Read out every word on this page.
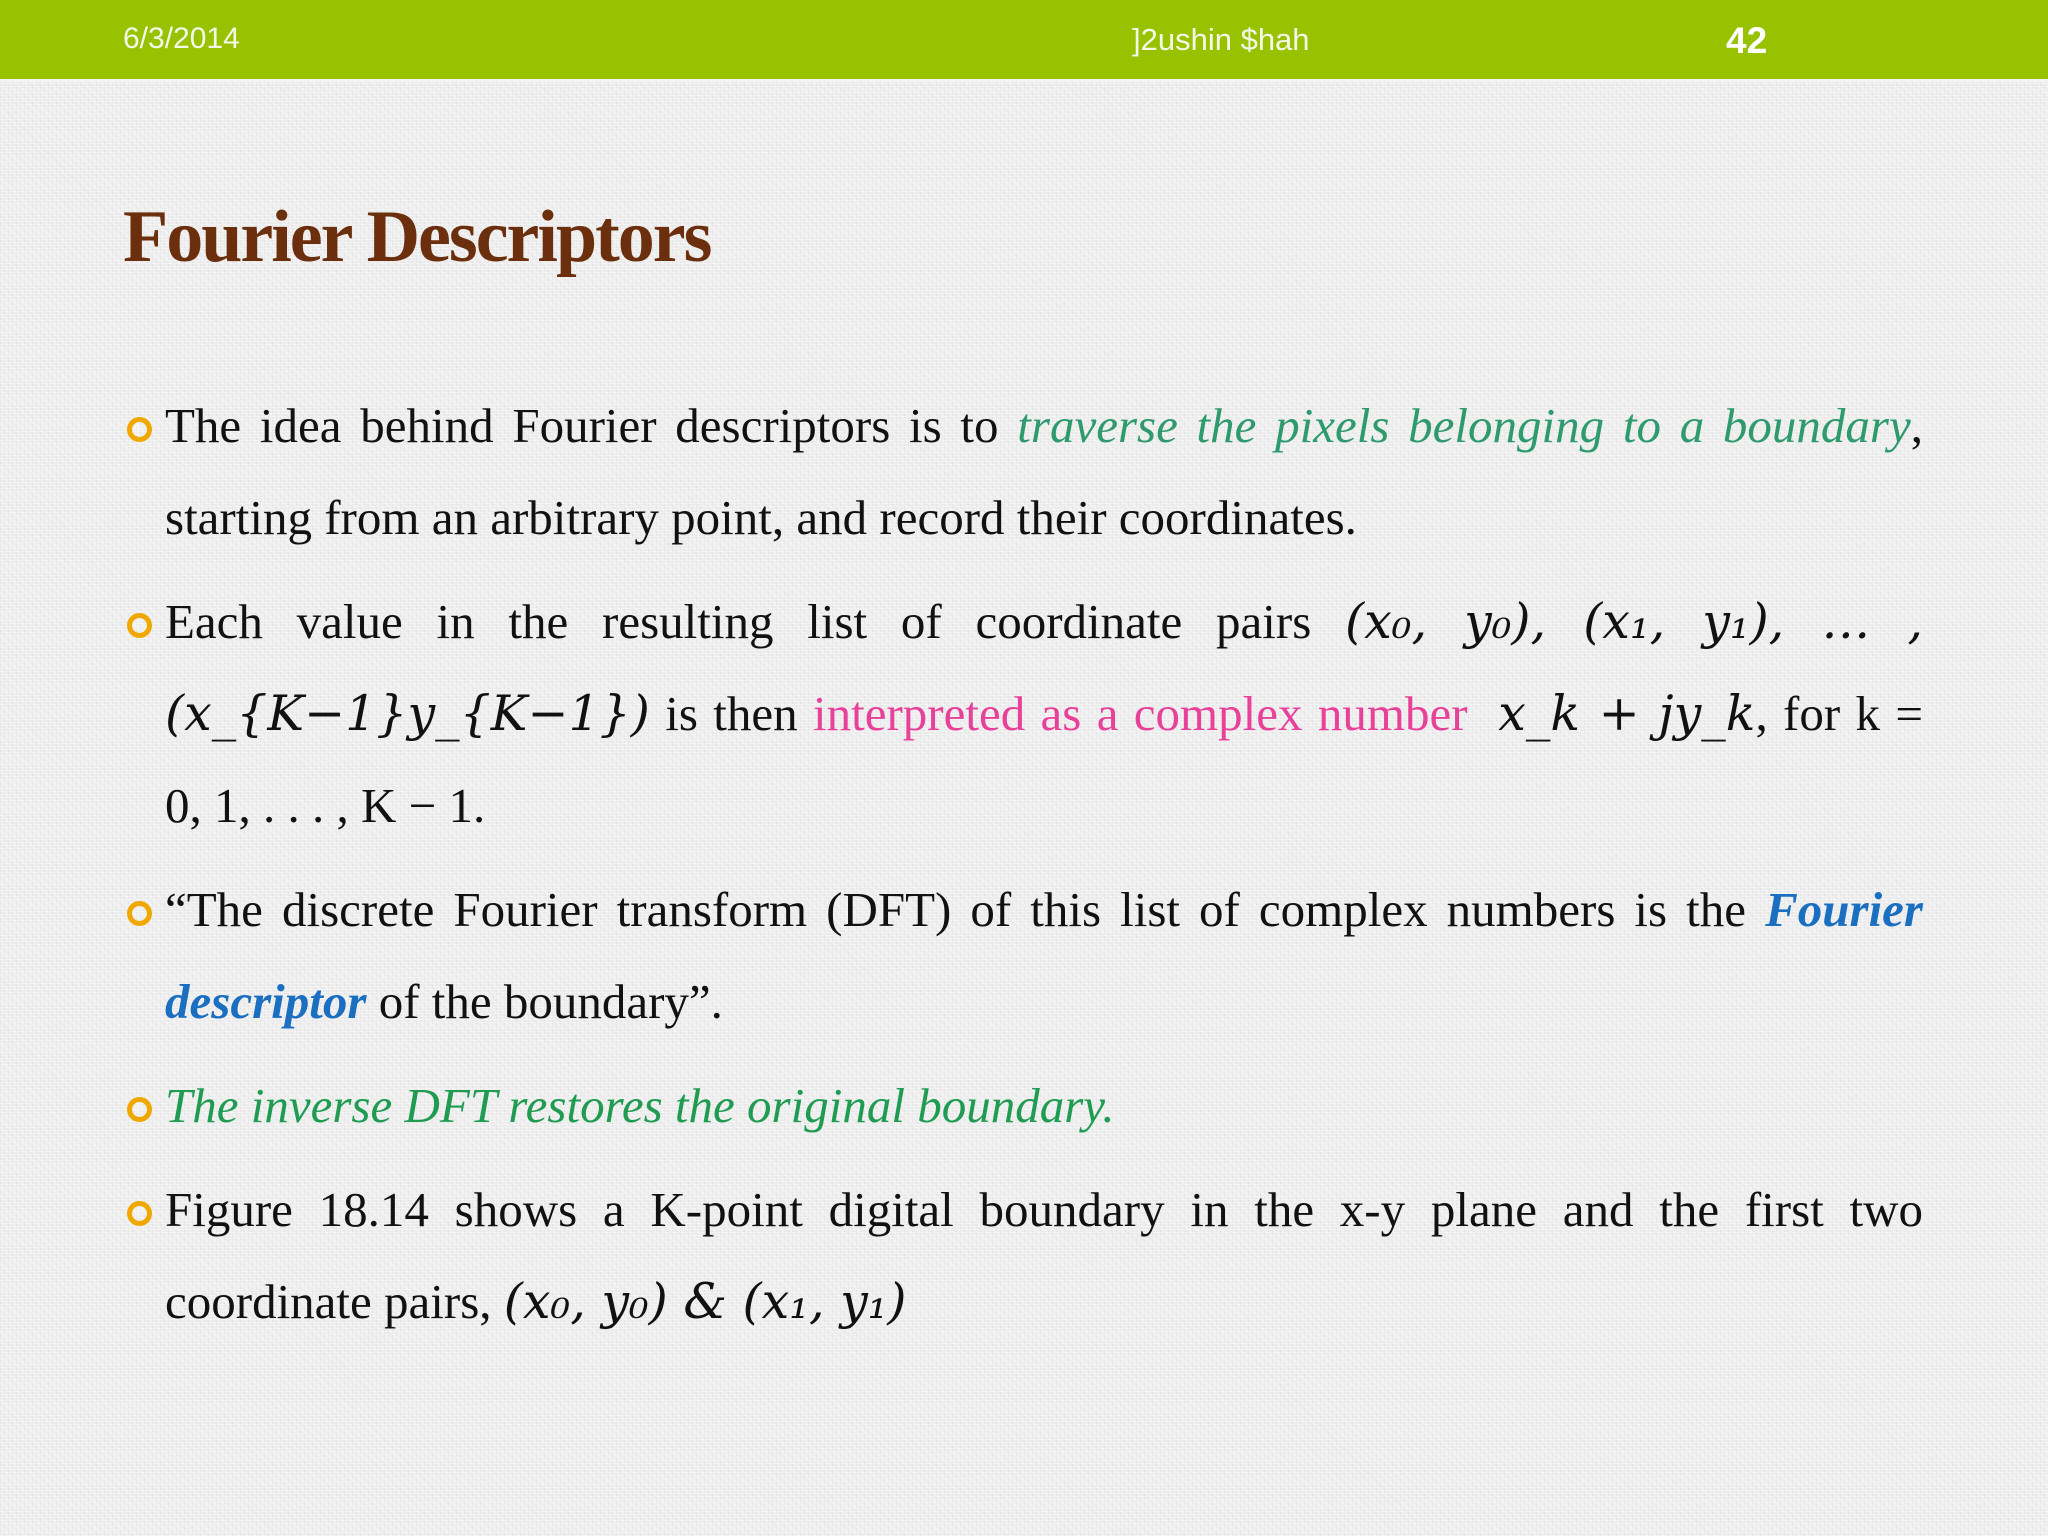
6/3/2014	]2ushin $hah	42
Fourier Descriptors
The idea behind Fourier descriptors is to traverse the pixels belonging to a boundary, starting from an arbitrary point, and record their coordinates.
Each value in the resulting list of coordinate pairs (x₀, y₀), (x₁, y₁), … , (x_{K−1}y_{K−1}) is then interpreted as a complex number x_k + jy_k, for k = 0, 1, . . . , K − 1.
“The discrete Fourier transform (DFT) of this list of complex numbers is the Fourier descriptor of the boundary”.
The inverse DFT restores the original boundary.
Figure 18.14 shows a K-point digital boundary in the x-y plane and the first two coordinate pairs, (x₀, y₀) & (x₁, y₁)
